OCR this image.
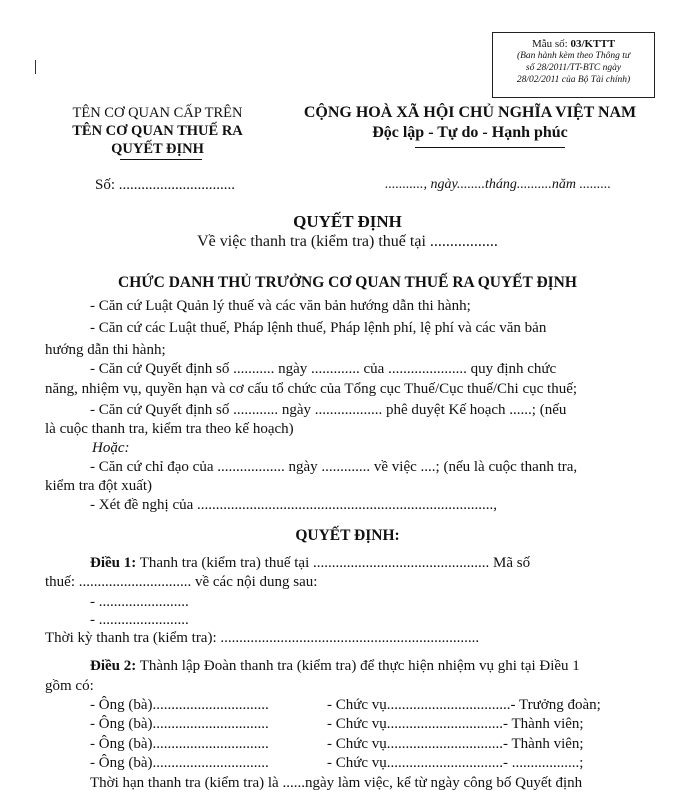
Mẫu số: 03/KTTT
(Ban hành kèm theo Thông tư
số 28/2011/TT-BTC ngày
28/02/2011 của Bộ Tài chính)
TÊN CƠ QUAN CẤP TRÊN
TÊN CƠ QUAN THUẾ RA
QUYẾT ĐỊNH
CỘNG HOÀ XÃ HỘI CHỦ NGHĨA VIỆT NAM
Độc lập - Tự do - Hạnh phúc
Số: ...............................	..........., ngày........tháng..........năm .........
QUYẾT ĐỊNH
Về việc thanh tra (kiểm tra) thuế tại .................
CHỨC DANH THỦ TRƯỞNG CƠ QUAN THUẾ RA QUYẾT ĐỊNH
- Căn cứ Luật Quản lý thuế và các văn bản hướng dẫn thi hành;
- Căn cứ các Luật thuế, Pháp lệnh thuế, Pháp lệnh phí, lệ phí và các văn bản
hướng dẫn thi hành;
- Căn cứ Quyết định số ........... ngày ............. của ..................... quy định chức
năng, nhiệm vụ, quyền hạn và cơ cấu tổ chức của Tổng cục Thuế/Cục thuế/Chi cục thuế;
- Căn cứ Quyết định số ............ ngày .................. phê duyệt Kế hoạch ......; (nếu
là cuộc thanh tra, kiểm tra theo kế hoạch)
Hoặc:
- Căn cứ chỉ đạo của .................. ngày ............. về việc ....; (nếu là cuộc thanh tra,
kiểm tra đột xuất)
- Xét đề nghị của ...............................................................................,
QUYẾT ĐỊNH:
Điều 1: Thanh tra (kiểm tra) thuế tại ............................................... Mã số
thuế: .............................. về các nội dung sau:
- ........................
- ........................
Thời kỳ thanh tra (kiểm tra): .....................................................................
Điều 2: Thành lập Đoàn thanh tra (kiểm tra) để thực hiện nhiệm vụ ghi tại Điều 1
gồm có:
- Ông (bà)...............................	- Chức vụ.................................- Trưởng đoàn;
- Ông (bà)...............................	- Chức vụ...............................- Thành viên;
- Ông (bà)...............................	- Chức vụ...............................- Thành viên;
- Ông (bà)...............................	- Chức vụ...............................- ..................;
Thời hạn thanh tra (kiểm tra) là ......ngày làm việc, kể từ ngày công bố Quyết định
